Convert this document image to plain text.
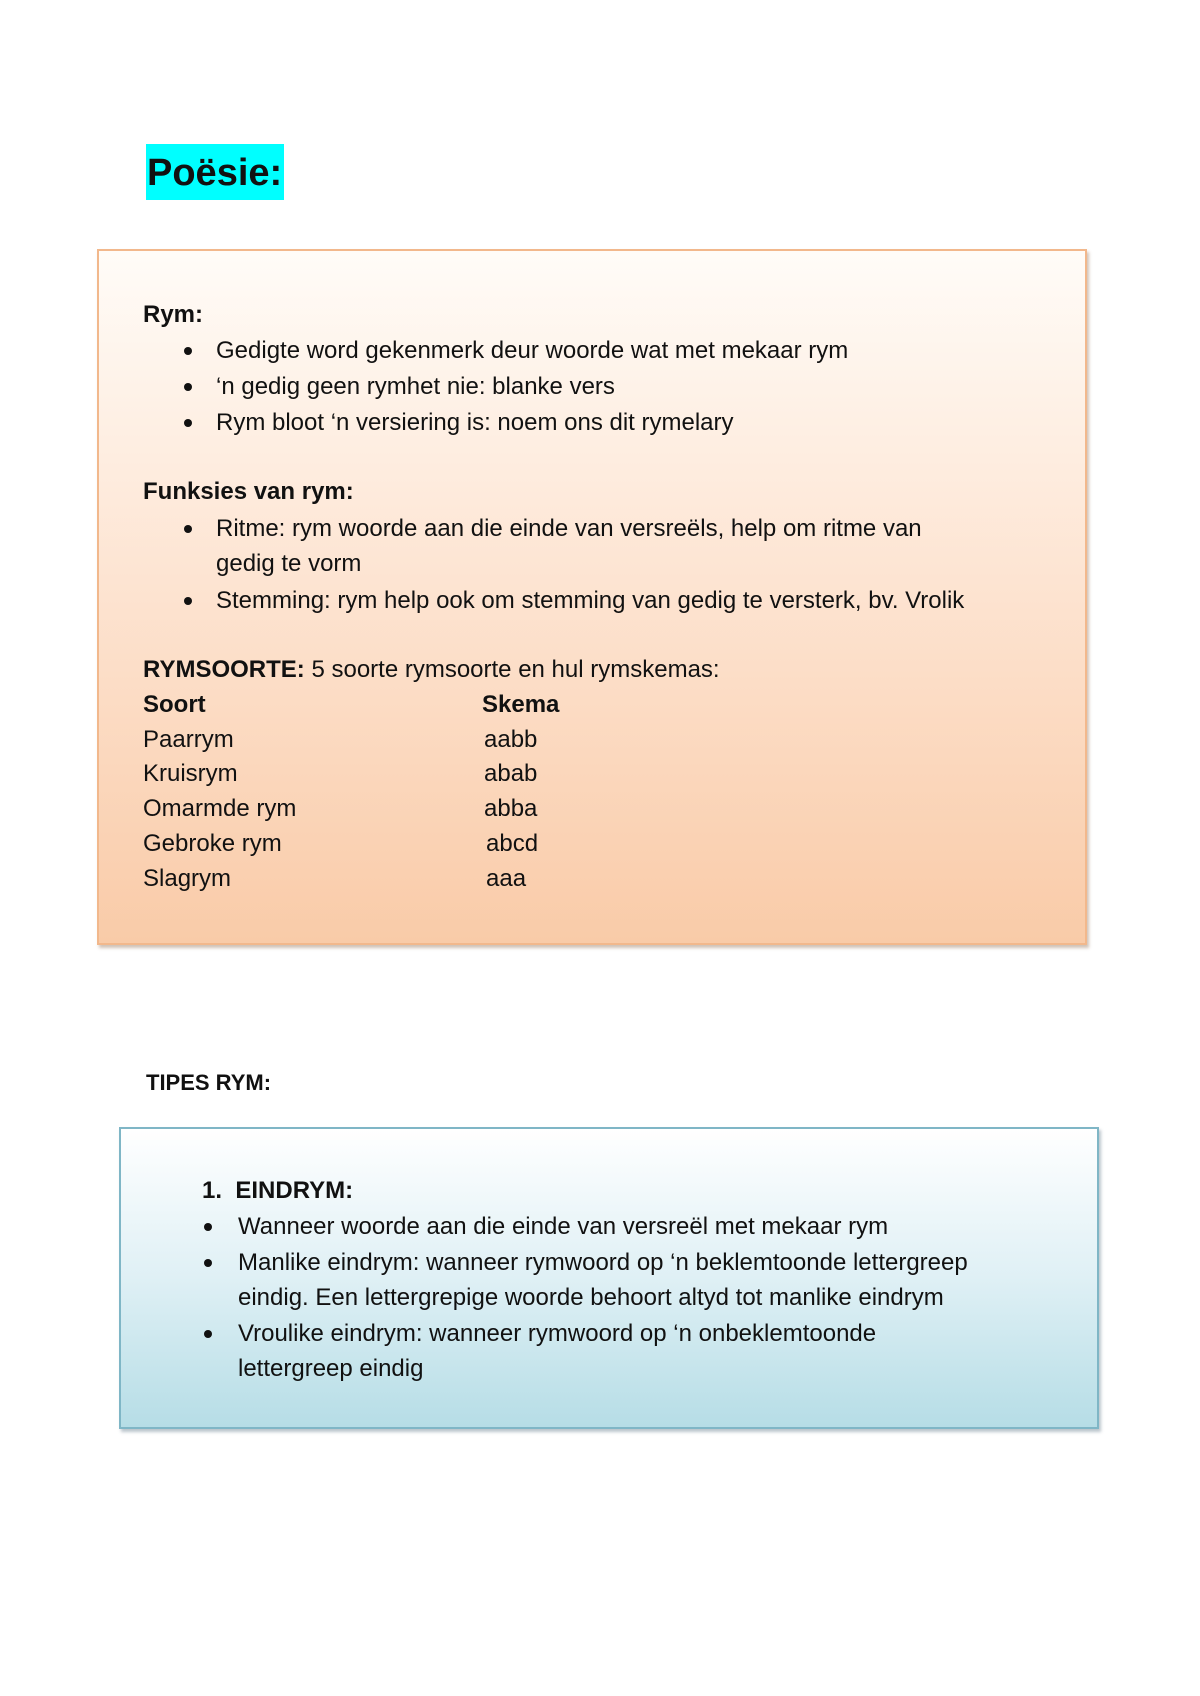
Poësie:
Rym:
Gedigte word gekenmerk deur woorde wat met mekaar rym
‘n gedig geen rymhet nie: blanke vers
Rym bloot ‘n versiering is: noem ons dit rymelary
Funksies van rym:
Ritme: rym woorde aan die einde van versreëls, help om ritme van
gedig te vorm
Stemming: rym help ook om stemming van gedig te versterk, bv. Vrolik
RYMSOORTE: 5 soorte rymsoorte en hul rymskemas:
Soort	Skema
Paarrym	aabb
Kruisrym	abab
Omarmde rym	abba
Gebroke rym	abcd
Slagrym	aaa
TIPES RYM:
1.  EINDRYM:
Wanneer woorde aan die einde van versreël met mekaar rym
Manlike eindrym: wanneer rymwoord op ‘n beklemtoonde lettergreep
eindig. Een lettergrepige woorde behoort altyd tot manlike eindrym
Vroulike eindrym: wanneer rymwoord op ‘n onbeklemtoonde
lettergreep eindig
